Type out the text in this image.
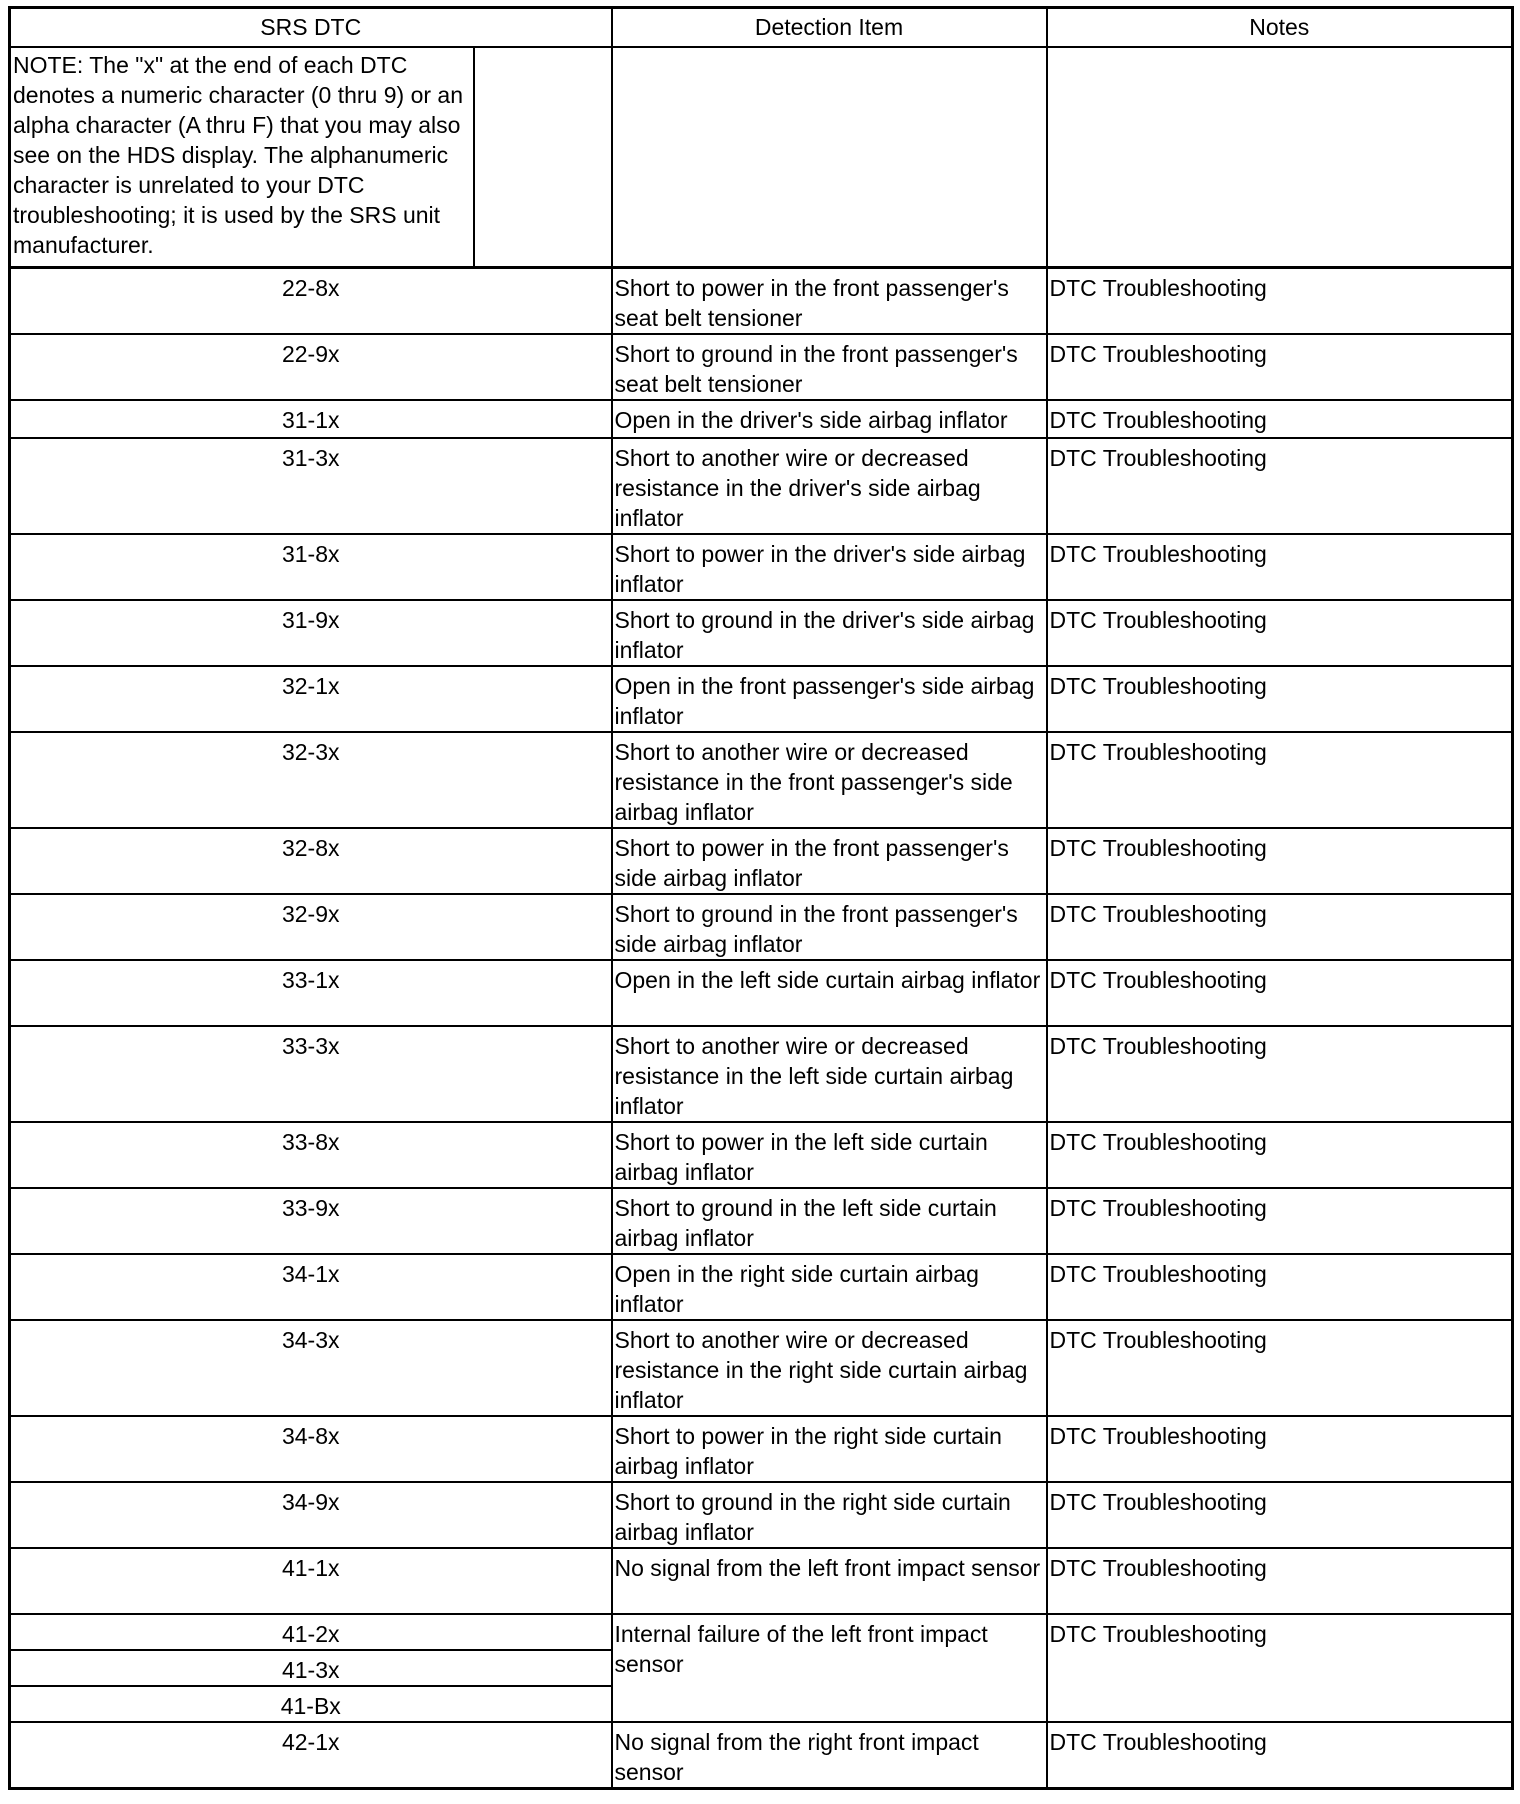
SRS DTC	Detection Item	Notes

NOTE: The "x" at the end of each DTC denotes a numeric character (0 thru 9) or an alpha character (A thru F) that you may also see on the HDS display. The alphanumeric character is unrelated to your DTC troubleshooting; it is used by the SRS unit manufacturer.		

22-8x	Short to power in the front passenger's seat belt tensioner	DTC Troubleshooting
22-9x	Short to ground in the front passenger's seat belt tensioner	DTC Troubleshooting
31-1x	Open in the driver's side airbag inflator	DTC Troubleshooting
31-3x	Short to another wire or decreased resistance in the driver's side airbag inflator	DTC Troubleshooting
31-8x	Short to power in the driver's side airbag inflator	DTC Troubleshooting
31-9x	Short to ground in the driver's side airbag inflator	DTC Troubleshooting
32-1x	Open in the front passenger's side airbag inflator	DTC Troubleshooting
32-3x	Short to another wire or decreased resistance in the front passenger's side airbag inflator	DTC Troubleshooting
32-8x	Short to power in the front passenger's side airbag inflator	DTC Troubleshooting
32-9x	Short to ground in the front passenger's side airbag inflator	DTC Troubleshooting
33-1x	Open in the left side curtain airbag inflator	DTC Troubleshooting
33-3x	Short to another wire or decreased resistance in the left side curtain airbag inflator	DTC Troubleshooting
33-8x	Short to power in the left side curtain airbag inflator	DTC Troubleshooting
33-9x	Short to ground in the left side curtain airbag inflator	DTC Troubleshooting
34-1x	Open in the right side curtain airbag inflator	DTC Troubleshooting
34-3x	Short to another wire or decreased resistance in the right side curtain airbag inflator	DTC Troubleshooting
34-8x	Short to power in the right side curtain airbag inflator	DTC Troubleshooting
34-9x	Short to ground in the right side curtain airbag inflator	DTC Troubleshooting
41-1x	No signal from the left front impact sensor	DTC Troubleshooting
41-2x	Internal failure of the left front impact sensor	DTC Troubleshooting
41-3x		
41-Bx		
42-1x	No signal from the right front impact sensor	DTC Troubleshooting
